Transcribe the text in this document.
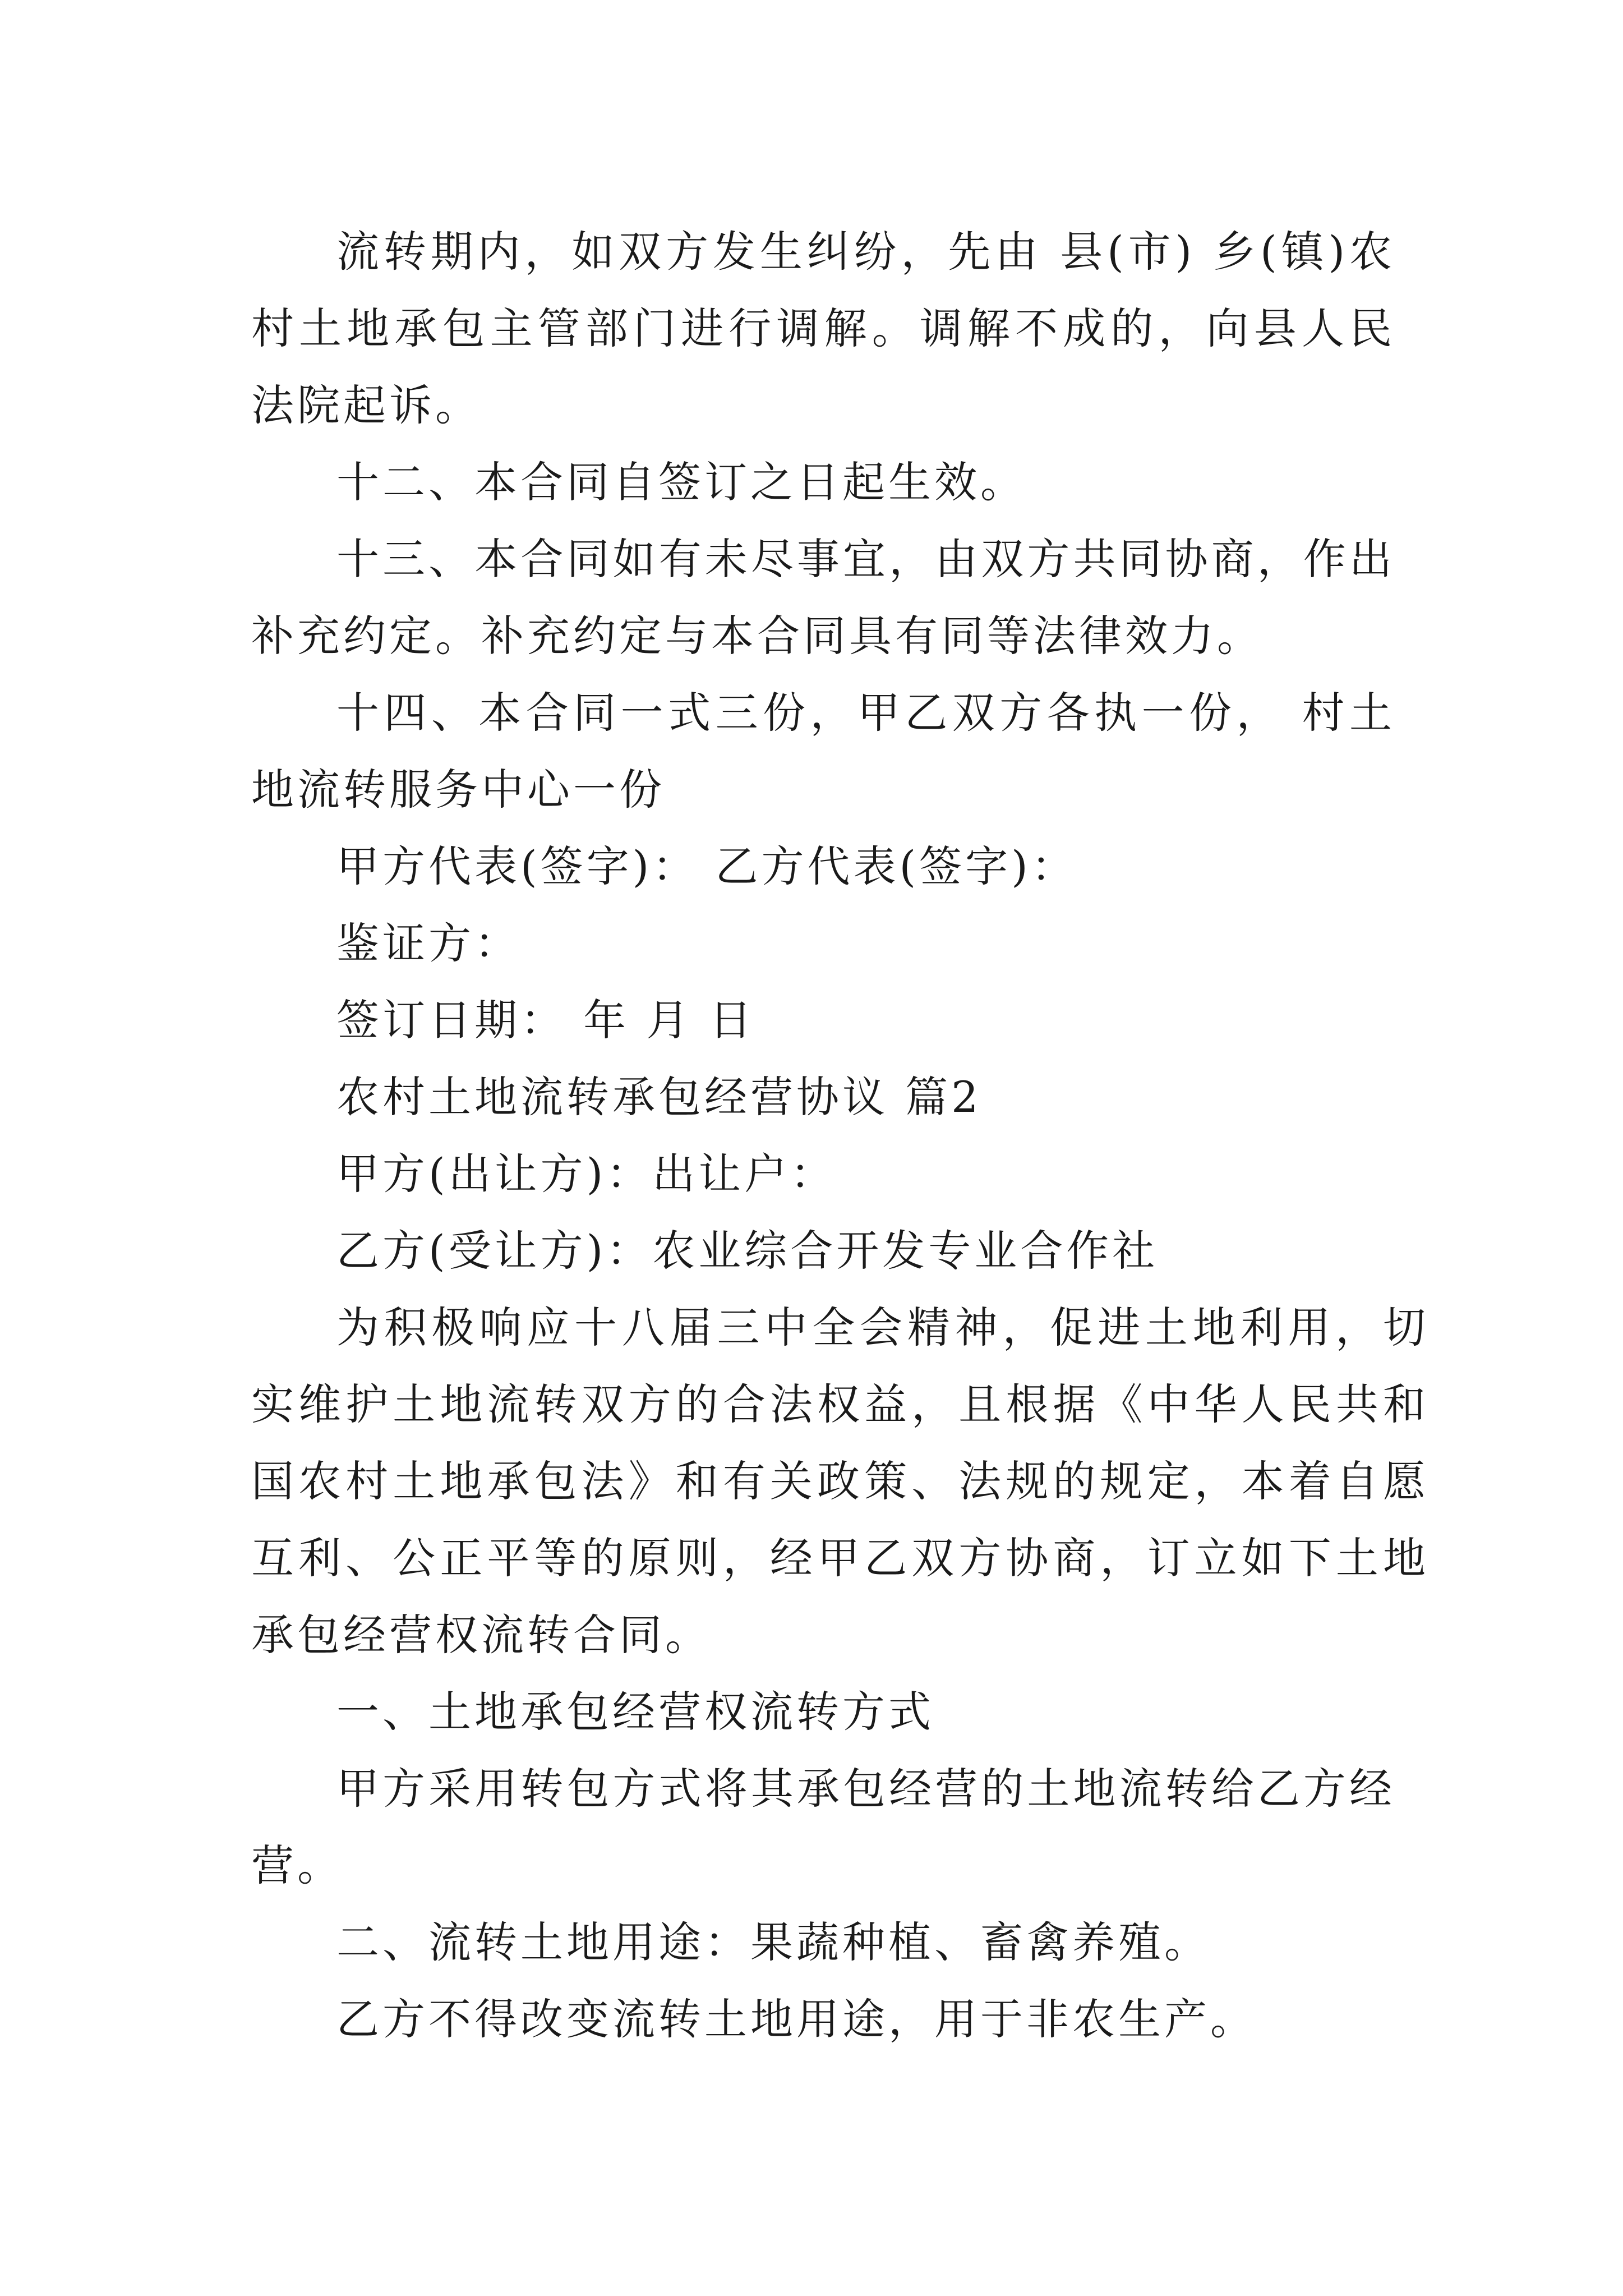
流转期内，如双方发生纠纷，先由 县(市) 乡(镇)农村土地承包主管部门进行调解。调解不成的，向县人民法院起诉。

十二、本合同自签订之日起生效。

十三、本合同如有未尽事宜，由双方共同协商，作出补充约定。补充约定与本合同具有同等法律效力。

十四、本合同一式三份，甲乙双方各执一份， 村土地流转服务中心一份

甲方代表(签字)： 乙方代表(签字)：

鉴证方：

签订日期： 年 月 日

农村土地流转承包经营协议 篇2

甲方(出让方)：出让户：

乙方(受让方)：农业综合开发专业合作社

为积极响应十八届三中全会精神，促进土地利用，切实维护土地流转双方的合法权益，且根据《中华人民共和国农村土地承包法》和有关政策、法规的规定，本着自愿互利、公正平等的原则，经甲乙双方协商，订立如下土地承包经营权流转合同。

一、土地承包经营权流转方式

甲方采用转包方式将其承包经营的土地流转给乙方经营。

二、流转土地用途：果蔬种植、畜禽养殖。

乙方不得改变流转土地用途，用于非农生产。
